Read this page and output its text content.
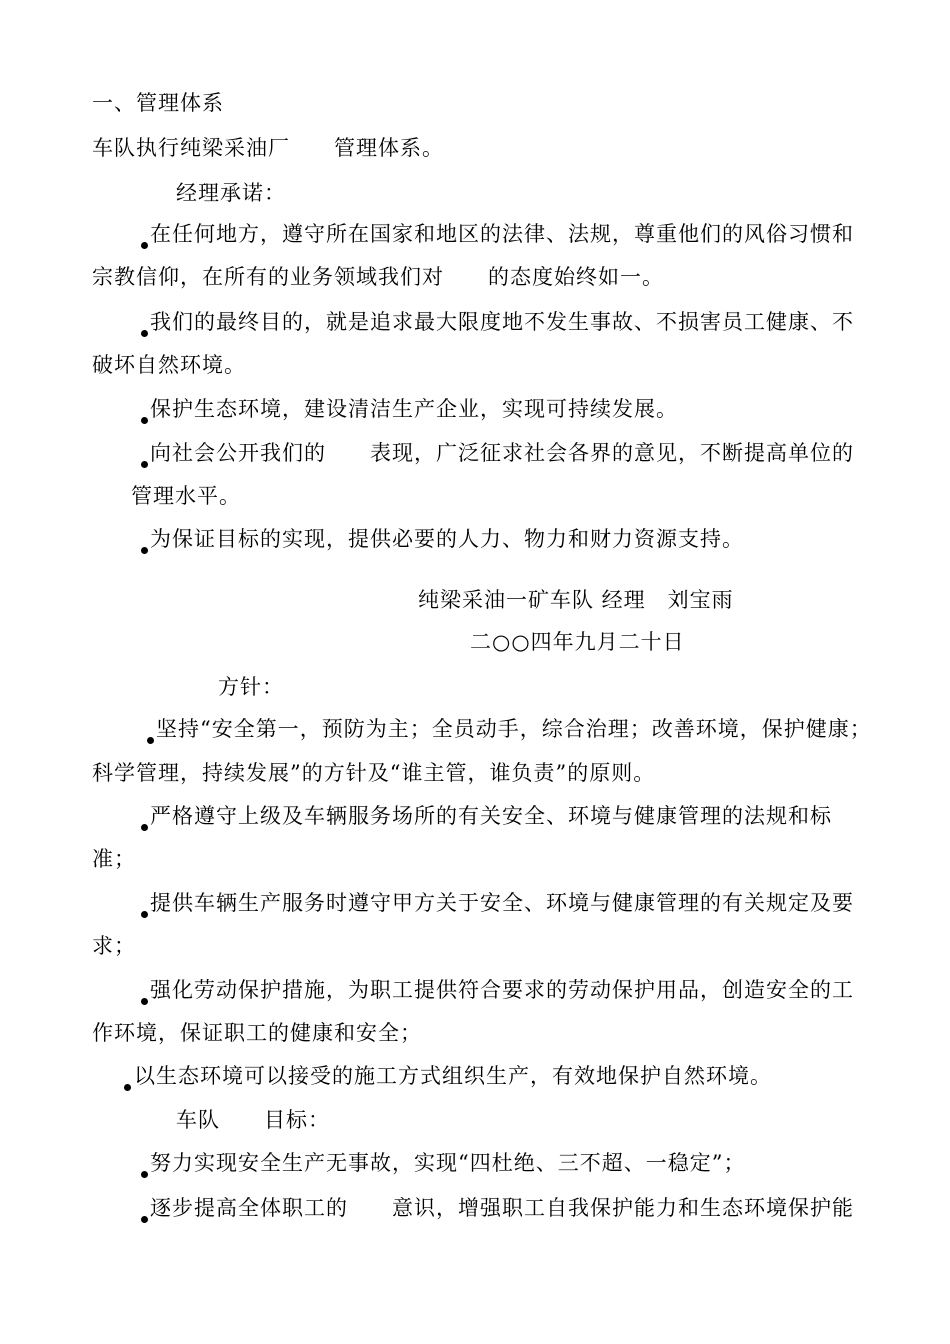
一、管理体系
车队执行纯梁采油厂　　管理体系。
经理承诺：
在任何地方，遵守所在国家和地区的法律、法规，尊重他们的风俗习惯和
宗教信仰，在所有的业务领域我们对　　的态度始终如一。
我们的最终目的，就是追求最大限度地不发生事故、不损害员工健康、不
破坏自然环境。
保护生态环境，建设清洁生产企业，实现可持续发展。
向社会公开我们的　　表现，广泛征求社会各界的意见，不断提高单位的
管理水平。
为保证目标的实现，提供必要的人力、物力和财力资源支持。
纯梁采油一矿车队 经理　刘宝雨
二○○四年九月二十日
方针：
坚持“安全第一，预防为主；全员动手，综合治理；改善环境，保护健康；
科学管理，持续发展”的方针及“谁主管，谁负责”的原则。
严格遵守上级及车辆服务场所的有关安全、环境与健康管理的法规和标
准；
提供车辆生产服务时遵守甲方关于安全、环境与健康管理的有关规定及要
求；
强化劳动保护措施，为职工提供符合要求的劳动保护用品，创造安全的工
作环境，保证职工的健康和安全；
以生态环境可以接受的施工方式组织生产，有效地保护自然环境。
车队　　目标：
努力实现安全生产无事故，实现“四杜绝、三不超、一稳定”；
逐步提高全体职工的　　意识，增强职工自我保护能力和生态环境保护能
